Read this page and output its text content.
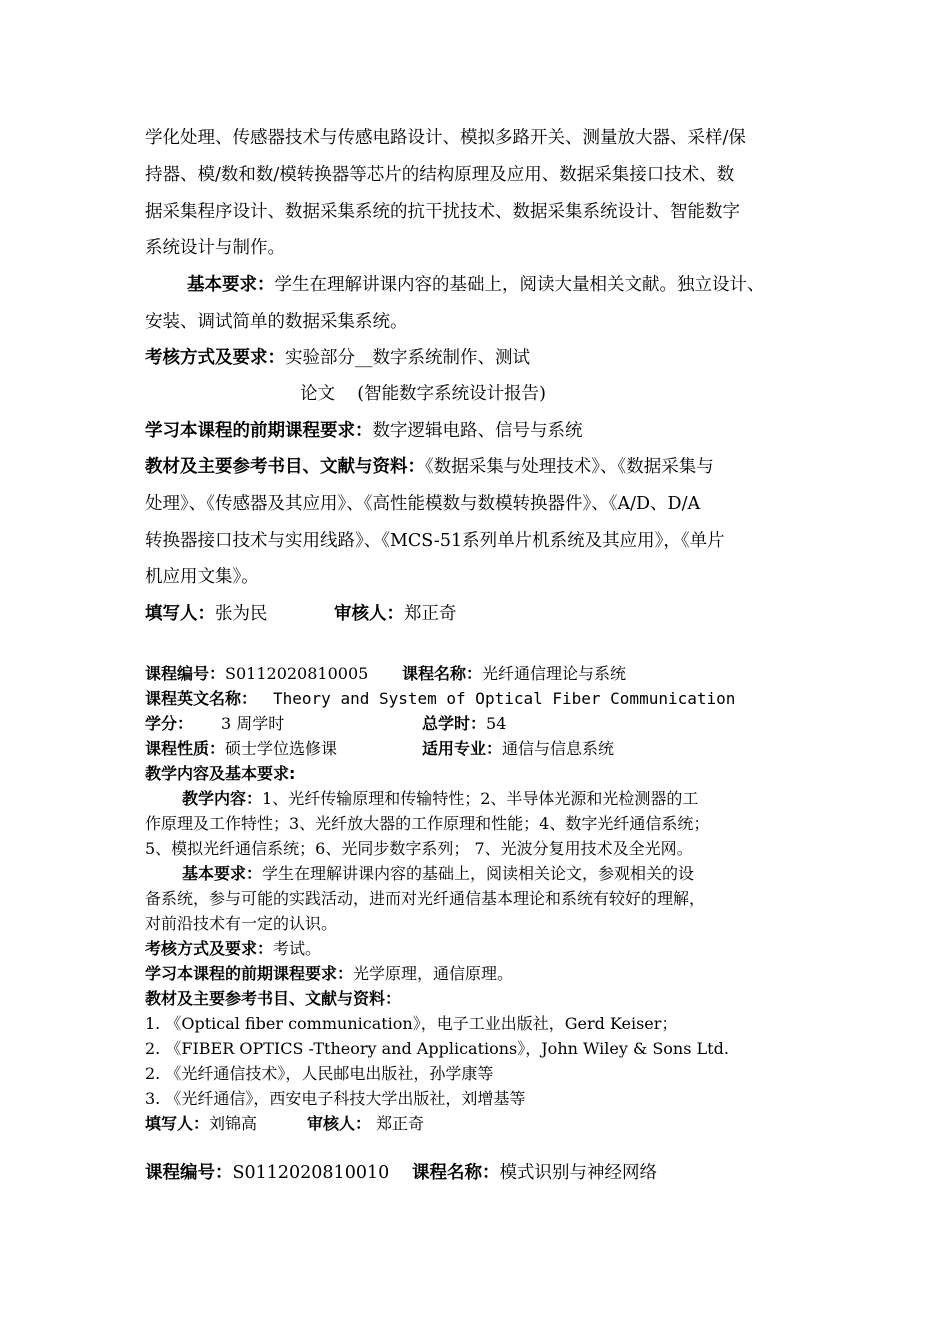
学化处理、传感器技术与传感电路设计、模拟多路开关、测量放大器、采样/保
持器、模/数和数/模转换器等芯片的结构原理及应用、数据采集接口技术、数
据采集程序设计、数据采集系统的抗干扰技术、数据采集系统设计、智能数字
系统设计与制作。
基本要求：学生在理解讲课内容的基础上，阅读大量相关文献。独立设计、
安装、调试简单的数据采集系统。
考核方式及要求：实验部分__数字系统制作、测试
论文    (智能数字系统设计报告)
学习本课程的前期课程要求：数字逻辑电路、信号与系统
教材及主要参考书目、文献与资料：《数据采集与处理技术》、《数据采集与
处理》、《传感器及其应用》、《高性能模数与数模转换器件》、《A/D、D/A
转换器接口技术与实用线路》、《MCS-51系列单片机系统及其应用》，《单片
机应用文集》。
填写人：张为民	审核人：郑正奇
课程编号：S0112020810005 课程名称：光纤通信理论与系统
课程英文名称： Theory and System of Optical Fiber Communication
学分： 3 周学时	总学时：54
课程性质：硕士学位选修课	适用专业：通信与信息系统
教学内容及基本要求:
教学内容：1、光纤传输原理和传输特性；2、半导体光源和光检测器的工
作原理及工作特性；3、光纤放大器的工作原理和性能；4、数字光纤通信系统；
5、模拟光纤通信系统；6、光同步数字系列； 7、光波分复用技术及全光网。
基本要求：学生在理解讲课内容的基础上，阅读相关论文，参观相关的设
备系统，参与可能的实践活动，进而对光纤通信基本理论和系统有较好的理解，
对前沿技术有一定的认识。
考核方式及要求：考试。
学习本课程的前期课程要求：光学原理，通信原理。
教材及主要参考书目、文献与资料：
1. 《Optical fiber communication》，电子工业出版社，Gerd Keiser；
2. 《FIBER OPTICS -Ttheory and Applications》，John Wiley & Sons Ltd.
2. 《光纤通信技术》，人民邮电出版社，孙学康等
3. 《光纤通信》，西安电子科技大学出版社，刘增基等
填写人：刘锦高	审核人： 郑正奇
课程编号：S0112020810010 课程名称：模式识别与神经网络
